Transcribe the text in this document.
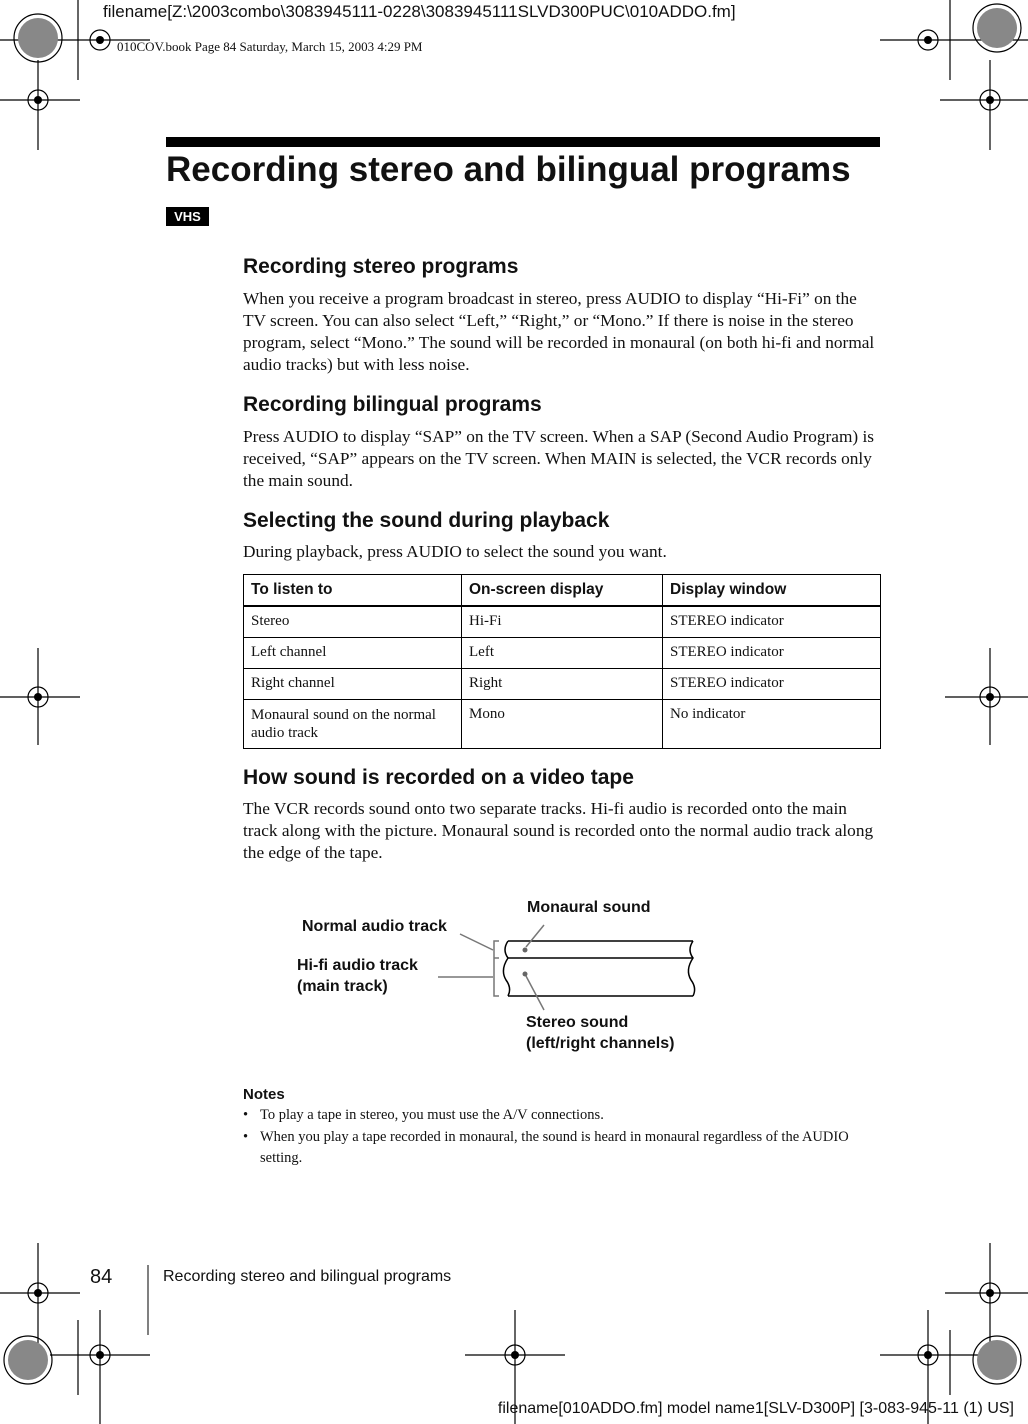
filename[Z:\2003combo\3083945111-0228\3083945111SLVD300PUC\010ADDO.fm]
010COV.book Page 84 Saturday, March 15, 2003 4:29 PM
Recording stereo and bilingual programs
VHS
Recording stereo programs

When you receive a program broadcast in stereo, press AUDIO to display “Hi-Fi” on the TV screen. You can also select “Left,” “Right,” or “Mono.” If there is noise in the stereo program, select “Mono.” The sound will be recorded in monaural (on both hi-fi and normal audio tracks) but with less noise.

Recording bilingual programs

Press AUDIO to display “SAP” on the TV screen. When a SAP (Second Audio Program) is received, “SAP” appears on the TV screen. When MAIN is selected, the VCR records only the main sound.

Selecting the sound during playback

During playback, press AUDIO to select the sound you want.

To listen to	On-screen display	Display window
Stereo	Hi-Fi	STEREO indicator
Left channel	Left	STEREO indicator
Right channel	Right	STEREO indicator
Monaural sound on the normal audio track	Mono	No indicator
How sound is recorded on a video tape

The VCR records sound onto two separate tracks. Hi-fi audio is recorded onto the main track along with the picture. Monaural sound is recorded onto the normal audio track along the edge of the tape.

Normal audio track
Hi-fi audio track
(main track)
Monaural sound
Stereo sound
(left/right channels)
Notes
• To play a tape in stereo, you must use the A/V connections.
• When you play a tape recorded in monaural, the sound is heard in monaural regardless of the AUDIO setting.
84	Recording stereo and bilingual programs
filename[010ADDO.fm] model name1[SLV-D300P] [3-083-945-11 (1) US]
